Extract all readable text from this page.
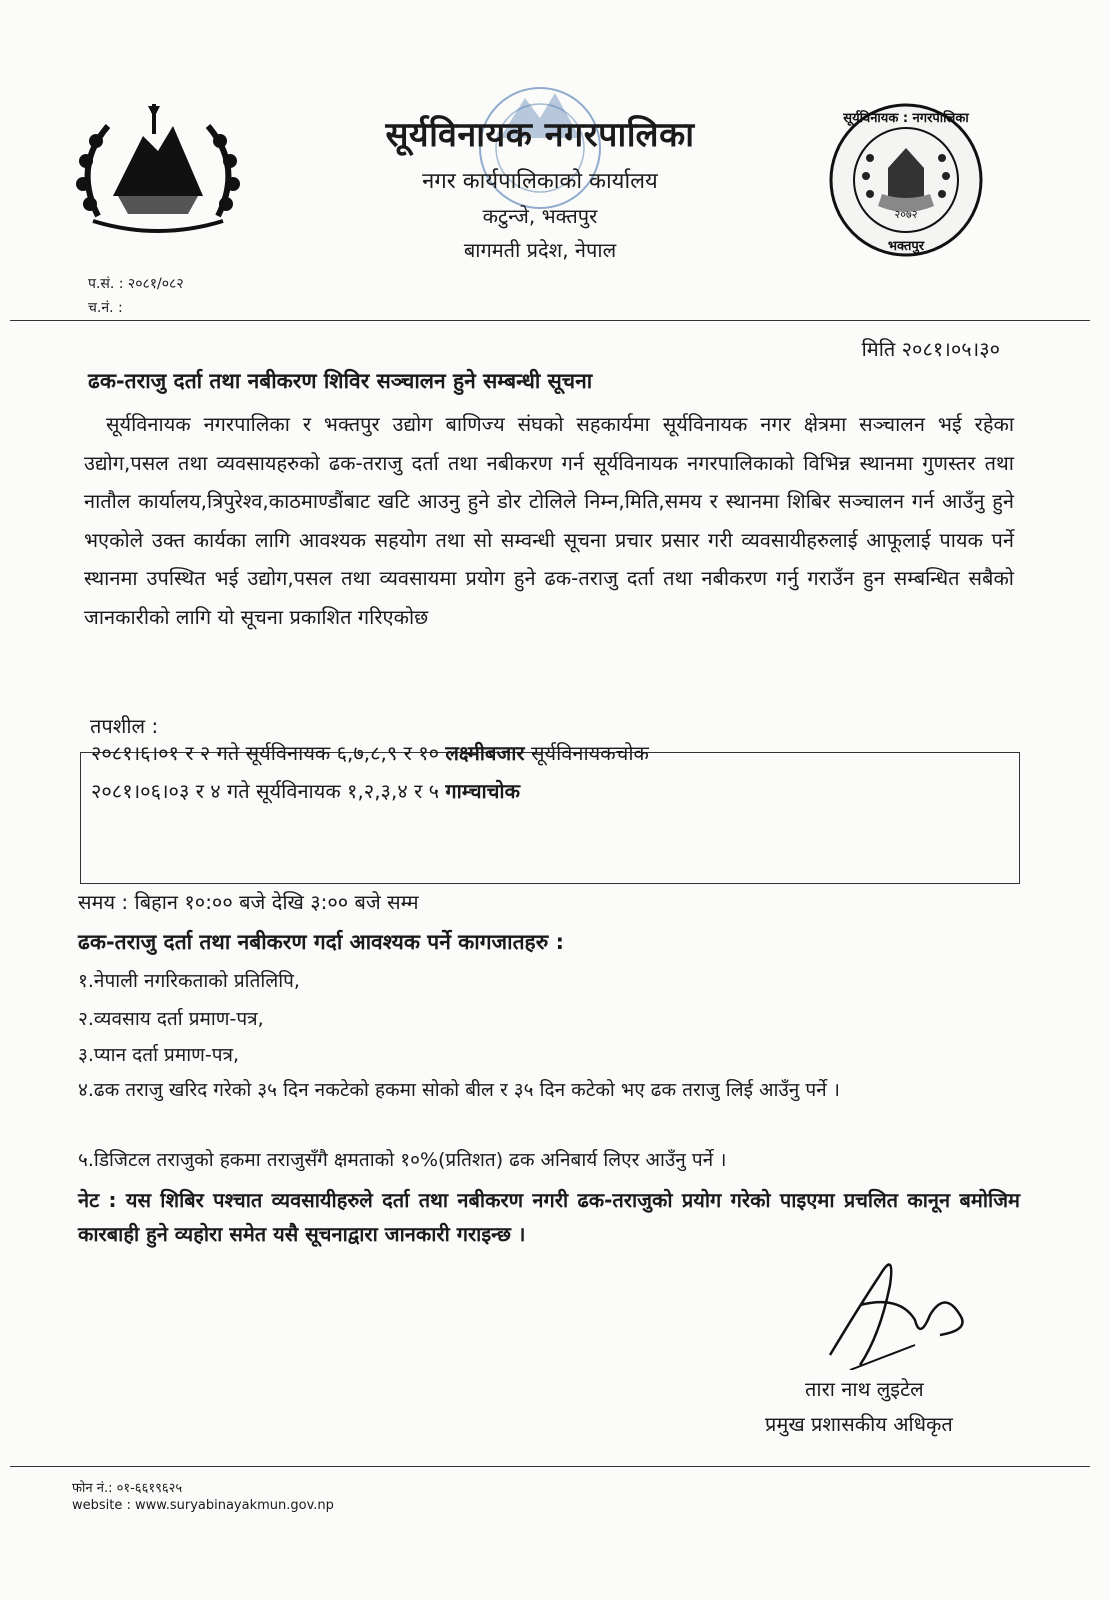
सूर्यविनायक नगरपालिका
नगर कार्यपालिकाको कार्यालय
कटुन्जे, भक्तपुर
बागमती प्रदेश, नेपाल
सूर्यविनायक : नगरपालिका
२०७२
भक्तपुर
प.सं. : २०८१/०८२
च.नं. :
मिति २०८१।०५।३०
ढक-तराजु दर्ता तथा नबीकरण शिविर सञ्चालन हुने सम्बन्धी सूचना
सूर्यविनायक नगरपालिका र भक्तपुर उद्योग बाणिज्य संघको सहकार्यमा सूर्यविनायक नगर क्षेत्रमा सञ्चालन भई रहेका उद्योग,पसल तथा व्यवसायहरुको ढक-तराजु दर्ता तथा नबीकरण गर्न सूर्यविनायक नगरपालिकाको विभिन्न स्थानमा गुणस्तर तथा नातौल कार्यालय,त्रिपुरेश्व,काठमाण्डौंबाट खटि आउनु हुने डोर टोलिले निम्न,मिति,समय र स्थानमा शिबिर सञ्चालन गर्न आउँनु हुने भएकोले उक्त कार्यका लागि आवश्यक सहयोग तथा सो सम्वन्धी सूचना प्रचार प्रसार गरी व्यवसायीहरुलाई आफूलाई पायक पर्ने स्थानमा उपस्थित भई उद्योग,पसल तथा व्यवसायमा प्रयोग हुने ढक-तराजु दर्ता तथा नबीकरण गर्नु गराउँन हुन सम्बन्धित सबैको जानकारीको लागि यो सूचना प्रकाशित गरिएकोछ
तपशील :
२०८१।६।०१ र २ गते सूर्यविनायक ६,७,८,९ र १० लक्ष्मीबजार सूर्यविनायकचोक
२०८१।०६।०३ र ४ गते सूर्यविनायक १,२,३,४ र ५ गाम्चाचोक
समय : बिहान १०:०० बजे देखि ३:०० बजे सम्म
ढक-तराजु दर्ता तथा नबीकरण गर्दा आवश्यक पर्ने कागजातहरु :
१.नेपाली नगरिकताको प्रतिलिपि,
२.व्यवसाय दर्ता प्रमाण-पत्र,
३.प्यान दर्ता प्रमाण-पत्र,
४.ढक तराजु खरिद गरेको ३५ दिन नकटेको हकमा सोको बील र ३५ दिन कटेको भए ढक तराजु लिई आउँनु पर्ने ।
५.डिजिटल तराजुको हकमा तराजुसँगै क्षमताको १०%(प्रतिशत) ढक अनिबार्य लिएर आउँनु पर्ने ।
नेट : यस शिबिर पश्चात व्यवसायीहरुले दर्ता तथा नबीकरण नगरी ढक-तराजुको प्रयोग गरेको पाइएमा प्रचलित कानून बमोजिम कारबाही हुने व्यहोरा समेत यसै सूचनाद्वारा जानकारी गराइन्छ ।
तारा नाथ लुइटेल
प्रमुख प्रशासकीय अधिकृत
फोन नं.: ०१-६६१९६२५
website : www.suryabinayakmun.gov.np
